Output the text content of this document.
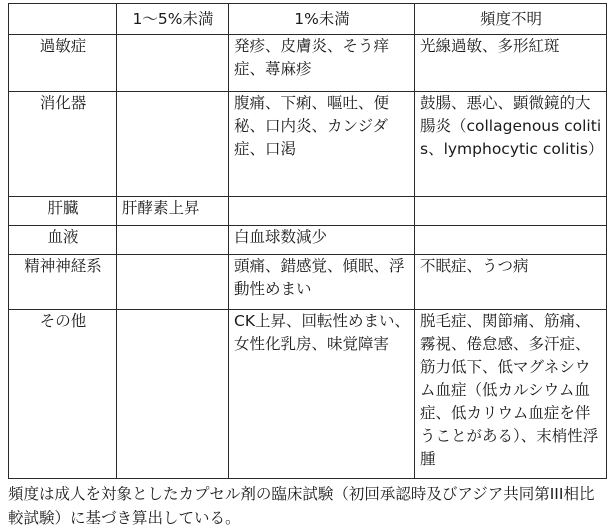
	1～5%未満	1%未満	頻度不明
過敏症		発疹、皮膚炎、そう痒症、蕁麻疹	光線過敏、多形紅斑
消化器		腹痛、下痢、嘔吐、便秘、口内炎、カンジダ症、口渇	鼓腸、悪心、顕微鏡的大腸炎（collagenous colitis、lymphocytic colitis）
肝臓	肝酵素上昇		
血液		白血球数減少	
精神神経系		頭痛、錯感覚、傾眠、浮動性めまい	不眠症、うつ病
その他		CK上昇、回転性めまい、女性化乳房、味覚障害	脱毛症、関節痛、筋痛、霧視、倦怠感、多汗症、筋力低下、低マグネシウム血症（低カルシウム血症、低カリウム血症を伴うことがある）、末梢性浮腫
頻度は成人を対象としたカプセル剤の臨床試験（初回承認時及びアジア共同第III相比較試験）に基づき算出している。
